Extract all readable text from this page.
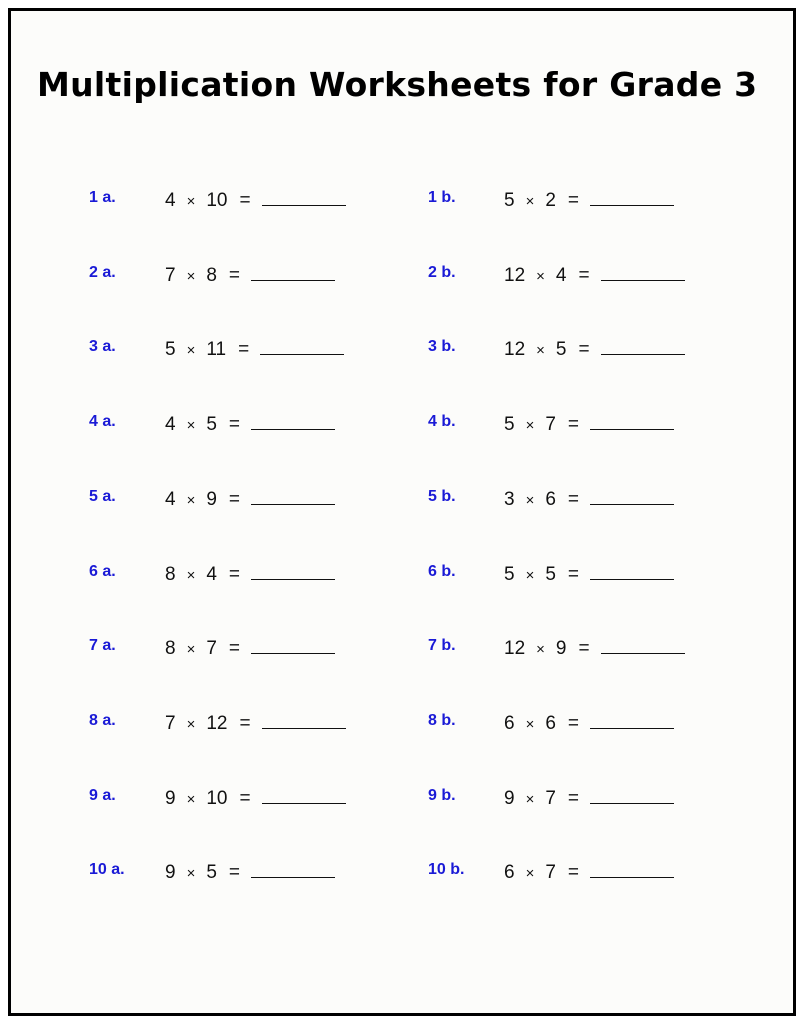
Multiplication Worksheets for Grade 3
1 a.	4 × 10 =
2 a.	7 × 8 =
3 a.	5 × 11 =
4 a.	4 × 5 =
5 a.	4 × 9 =
6 a.	8 × 4 =
7 a.	8 × 7 =
8 a.	7 × 12 =
9 a.	9 × 10 =
10 a. 9 × 5 =
1 b.	5 × 2 =
2 b.	12 × 4 =
3 b.	12 × 5 =
4 b.	5 × 7 =
5 b.	3 × 6 =
6 b.	5 × 5 =
7 b.	12 × 9 =
8 b.	6 × 6 =
9 b.	9 × 7 =
10 b. 6 × 7 =
